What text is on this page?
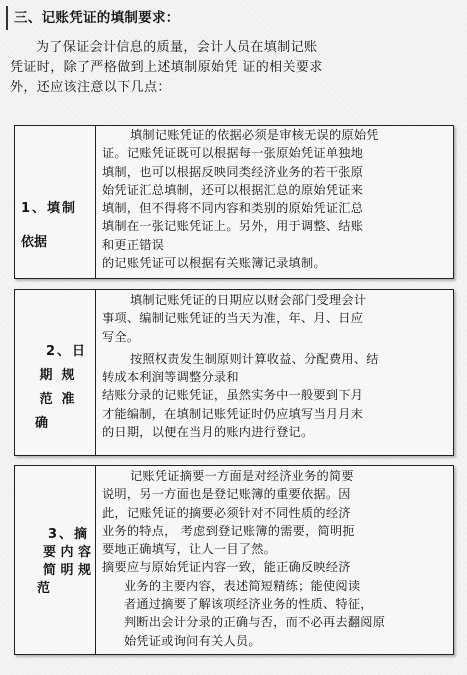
三、记账凭证的填制要求：
为了保证会计信息的质量，会计人员在填制记账
凭证时，除了严格做到上述填制原始凭 证的相关要求
外，还应该注意以下几点：
1、填制
依据

填制记账凭证的依据必须是审核无误的原始凭

证。记账凭证既可以根据每一张原始凭证单独地

填制，也可以根据反映同类经济业务的若干张原

始凭证汇总填制，还可以根据汇总的原始凭证来

填制，但不得将不同内容和类别的原始凭证汇总

填制在一张记账凭证上。另外，用于调整、结账

和更正错误

的记账凭证可以根据有关账簿记录填制。

2、日
期  规
范  准
确

填制记账凭证的日期应以财会部门受理会计

事项、编制记账凭证的当天为准，年、月、日应

写全。

按照权责发生制原则计算收益、分配费用、结

转成本利润等调整分录和

结账分录的记账凭证，虽然实务中一般要到下月

才能编制，在填制记账凭证时仍应填写当月月末

的日期，以便在当月的账内进行登记。

3、摘
要 内 容
简 明 规
范

记账凭证摘要一方面是对经济业务的简要

说明，另一方面也是登记账簿的重要依据。因

此，记账凭证的摘要必须针对不同性质的经济

业务的特点， 考虑到登记账簿的需要，简明扼

要地正确填写，让人一目了然。

摘要应与原始凭证内容一致，能正确反映经济

业务的主要内容，表述简短精练；能使阅读

者通过摘要了解该项经济业务的性质、特征，

判断出会计分录的正确与否，而不必再去翻阅原

始凭证或询问有关人员。
